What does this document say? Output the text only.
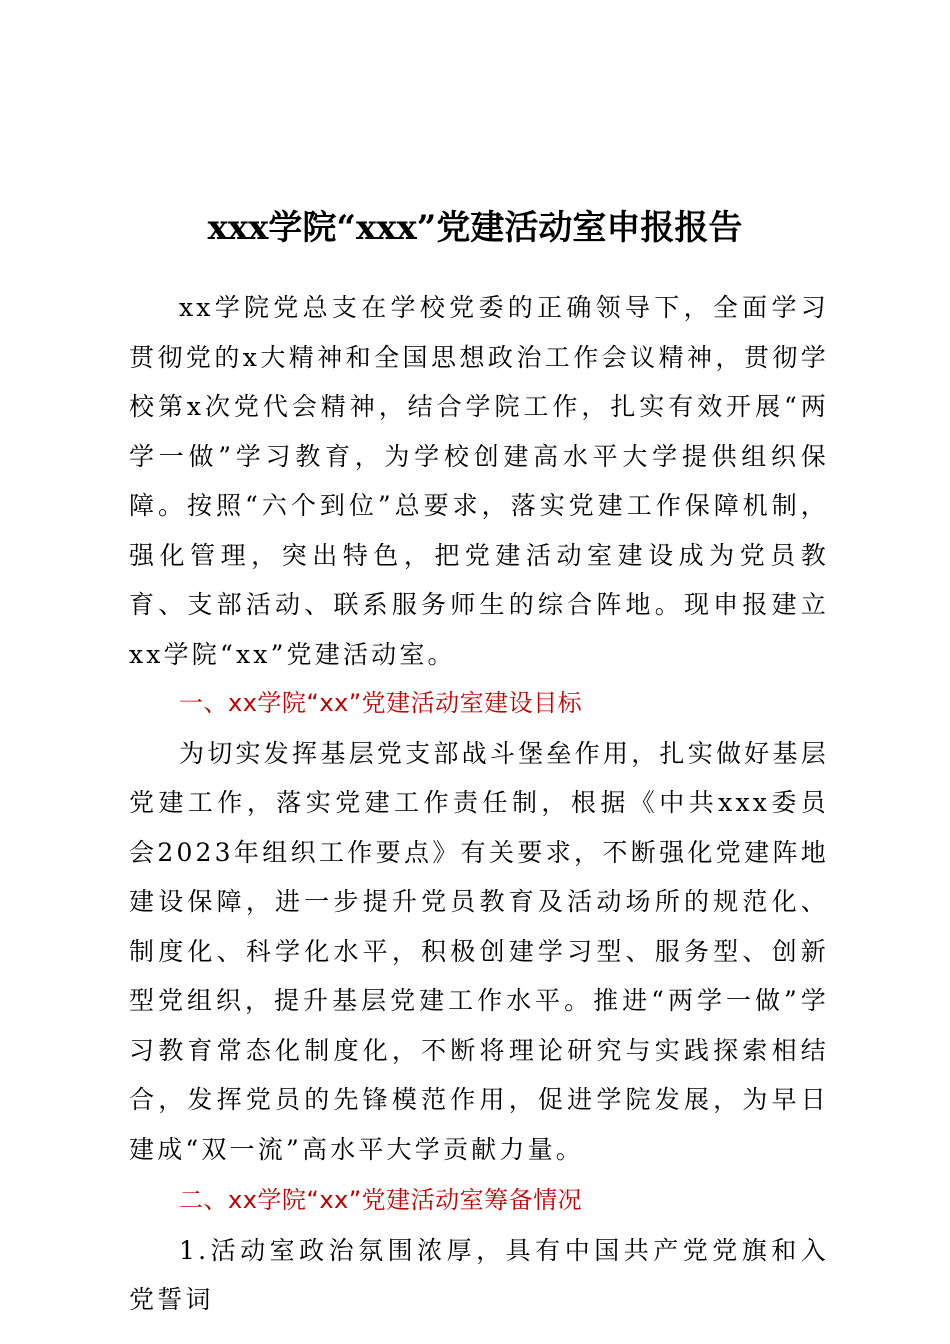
xxx学院“xxx”党建活动室申报报告

xx学院党总支在学校党委的正确领导下，全面学习贯彻党的x大精神和全国思想政治工作会议精神，贯彻学校第x次党代会精神，结合学院工作，扎实有效开展“两学一做”学习教育，为学校创建高水平大学提供组织保障。按照“六个到位”总要求，落实党建工作保障机制，强化管理，突出特色，把党建活动室建设成为党员教育、支部活动、联系服务师生的综合阵地。现申报建立xx学院“xx”党建活动室。

一、xx学院“xx”党建活动室建设目标

为切实发挥基层党支部战斗堡垒作用，扎实做好基层党建工作，落实党建工作责任制，根据《中共xxx委员会2023年组织工作要点》有关要求，不断强化党建阵地建设保障，进一步提升党员教育及活动场所的规范化、制度化、科学化水平，积极创建学习型、服务型、创新型党组织，提升基层党建工作水平。推进“两学一做”学习教育常态化制度化，不断将理论研究与实践探索相结合，发挥党员的先锋模范作用，促进学院发展，为早日建成“双一流”高水平大学贡献力量。

二、xx学院“xx”党建活动室筹备情况

1.活动室政治氛围浓厚，具有中国共产党党旗和入党誓词
